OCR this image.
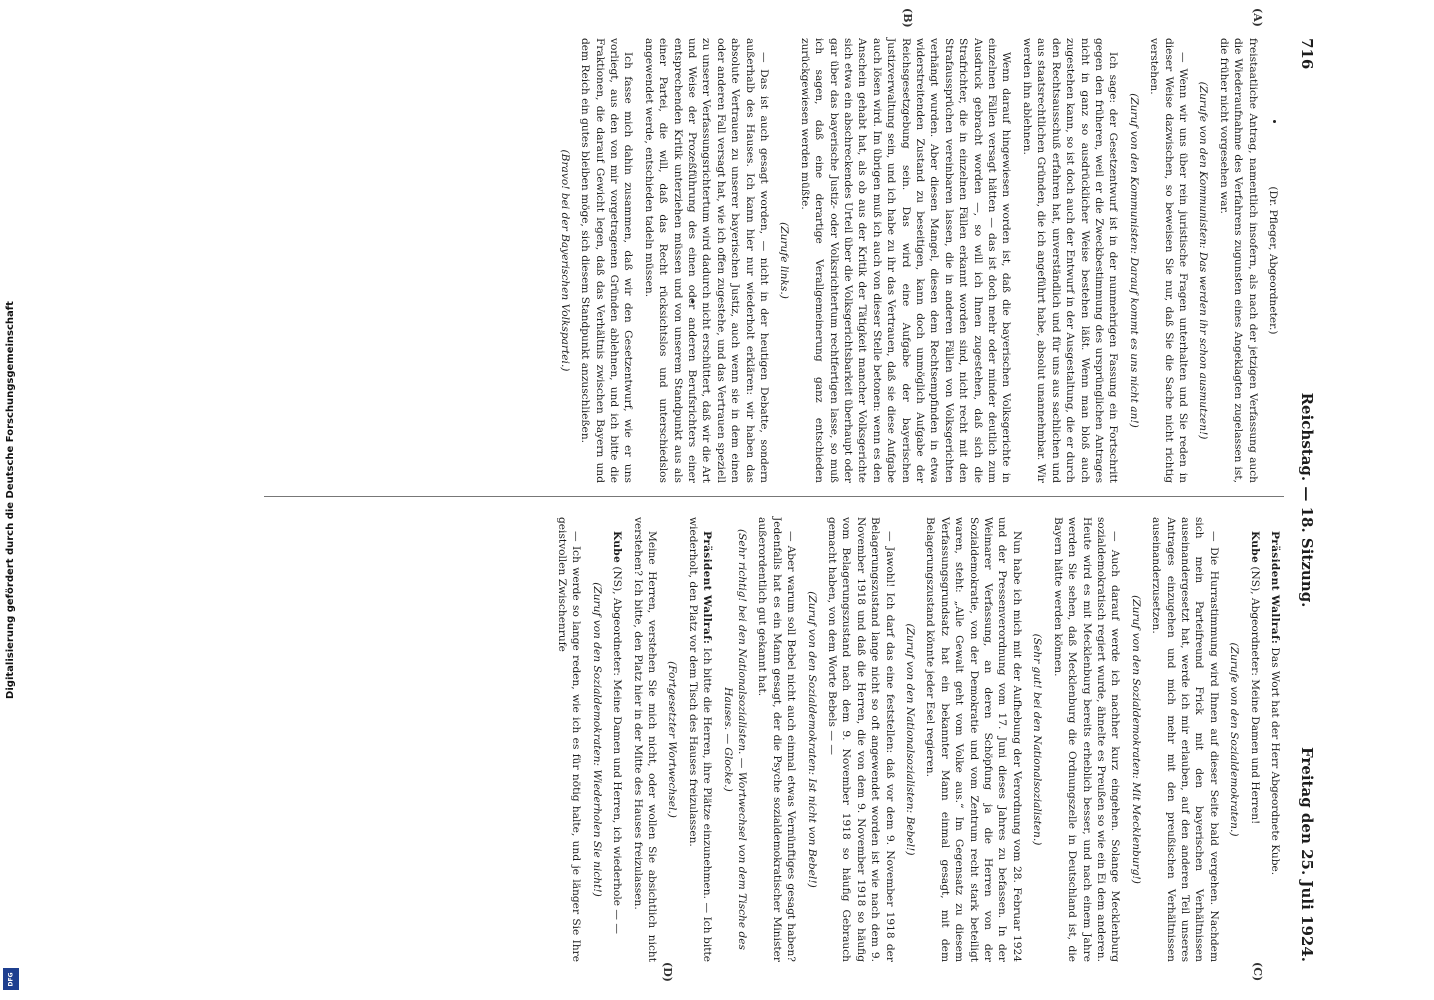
716
Reichstag. — 18. Sitzung.
Freitag den 25. Juli 1924.
(A)
(B)
(C)
(D)

(Dr. Pfleger, Abgeordneter.)

freistaatliche Antrag, namentlich insofern, als nach der jetzigen Verfassung auch die Wiederaufnahme des Verfahrens zugunsten eines Angeklagten zugelassen ist, die früher nicht vorgesehen war.

(Zurufe von den Kommunisten: Das werden ihr schon ausmutzen!)

— Wenn wir uns über rein juristische Fragen unterhalten und Sie reden in dieser Weise dazwischen, so beweisen Sie nur, daß Sie die Sache nicht richtig verstehen.

(Zuruf von den Kommunisten: Darauf kommt es uns nicht an!)

Ich sage: der Gesetzentwurf ist in der nunmehrigen Fassung ein Fortschritt gegen den früheren, weil er die Zweckbestimmung des ursprünglichen Antrages nicht in ganz so ausdrücklicher Weise bestehen läßt. Wenn man bloß auch zugestehen kann, so ist doch auch der Entwurf in der Ausgestaltung, die er durch den Rechtsausschuß erfahren hat, unverständlich und für uns aus sachlichen und aus staatsrechtlichen Gründen, die ich angeführt habe, absolut unannehmbar. Wir werden ihn ablehnen.

Wenn darauf hingewiesen worden ist, daß die bayerischen Volksgerichte in einzelnen Fällen versagt hätten — das ist doch mehr oder minder deutlich zum Ausdruck gebracht worden —, so will ich Ihnen zugestehen, daß sich die Strafrichter, die in einzelnen Fällen erkannt worden sind, nicht recht mit den Strafaussprüchen vereinbaren lassen, die in anderen Fällen von Volksgerichten verhängt wurden. Aber diesen Mangel, diesen dem Rechtsempfinden in etwa widerstreitenden Zustand zu beseitigen, kann doch unmöglich Aufgabe der Reichsgesetzgebung sein. Das wird eine Aufgabe der bayerischen Justizverwaltung sein, und ich habe zu ihr das Vertrauen, daß sie diese Aufgabe auch lösen wird. Im übrigen muß ich auch von dieser Stelle betonen: wenn es den Anschein gehabt hat, als ob aus der Kritik der Tätigkeit mancher Volksgerichte sich etwa ein abschreckendes Urteil über die Volksgerichtsbarkeit überhaupt oder gar über das bayerische Justiz- oder Volksrichtertum rechtfertigen lasse, so muß ich sagen, daß eine derartige Verallgemeinerung ganz entschieden zurückgewiesen werden müßte.

(Zurufe links.)

— Das ist auch gesagt worden, — nicht in der heutigen Debatte, sondern außerhalb des Hauses. Ich kann hier nur wiederholt erklären: wir haben das absolute Vertrauen zu unserer bayerischen Justiz, auch wenn sie in dem einen oder anderen Fall versagt hat, wie ich offen zugestehe, und das Vertrauen speziell zu unserer Verfassungsrichtertum wird dadurch nicht erschüttert, daß wir die Art und Weise der Prozeßführung des einen oder anderen Berufsrichters einer entsprechenden Kritik unterziehen müssen und von unserem Standpunkt aus als einer Partei, die will, daß das Recht rücksichtslos und unterschiedslos angewendet werde, entschieden tadeln müssen.

Ich fasse mich dahin zusammen, daß wir den Gesetzentwurf, wie er uns vorliegt, aus den von mir vorgetragenen Gründen ablehnen, und ich bitte die Fraktionen, die darauf Gewicht legen, daß das Verhältnis zwischen Bayern und dem Reich ein gutes bleiben möge, sich diesem Standpunkt anzuschließen.

(Bravo! bei der Bayerischen Volkspartei.)

Präsident Wallraf: Das Wort hat der Herr Abgeordnete Kube.

Kube (NS), Abgeordneter: Meine Damen und Herren!

(Zurufe von den Sozialdemokraten.)

— Die Hurrastimmung wird Ihnen auf dieser Seite bald vergehen. Nachdem sich mein Parteifreund Frick mit den bayerischen Verhältnissen auseinandergesetzt hat, werde ich mir erlauben, auf den anderen Teil unseres Antrages einzugehen und mich mehr mit den preußischen Verhältnissen auseinanderzusetzen.

(Zuruf von den Sozialdemokraten: Mit Mecklenburg!)

— Auch darauf werde ich nachher kurz eingehen. Solange Mecklenburg sozialdemokratisch regiert wurde, ähnelte es Preußen so wie ein Ei dem anderen. Heute wird es mit Mecklenburg bereits erheblich besser, und nach einem Jahre werden Sie sehen, daß Mecklenburg die Ordnungszelle in Deutschland ist, die Bayern hätte werden können.

(Sehr gut! bei den Nationalsozialisten.)

Nun habe ich mich mit der Aufhebung der Verordnung vom 28. Februar 1924 und der Pressenverordnung vom 17. Juni dieses Jahres zu befassen. In der Weimarer Verfassung, an deren Schöpfung ja die Herren von der Sozialdemokratie, von der Demokratie und vom Zentrum recht stark beteiligt waren, steht: „Alle Gewalt geht vom Volke aus.“ Im Gegensatz zu diesem Verfassungsgrundsatz hat ein bekannter Mann einmal gesagt, mit dem Belagerungszustand könnte jeder Esel regieren.

(Zuruf von den Nationalsozialisten: Bebel!)

— Jawohl! Ich darf das eine feststellen: daß vor dem 9. November 1918 der Belagerungszustand lange nicht so oft angewendet worden ist wie nach dem 9. November 1918 und daß die Herren, die von dem 9. November 1918 so häufig vom Belagerungszustand nach dem 9. November 1918 so häufig Gebrauch gemacht haben, von dem Worte Bebels — —

(Zuruf von den Sozialdemokraten: Ist nicht von Bebel!)

— Aber warum soll Bebel nicht auch einmal etwas Vernünftiges gesagt haben? Jedenfalls hat es ein Mann gesagt, der die Psyche sozialdemokratischer Minister außerordentlich gut gekannt hat.

(Sehr richtig! bei den Nationalsozialisten. — Wortwechsel von dem Tische des Hauses. — Glocke.)

Präsident Wallraf: Ich bitte die Herren, ihre Plätze einzunehmen. — Ich bitte wiederholt, den Platz vor dem Tisch des Hauses freizulassen.

(Fortgesetzter Wortwechsel.)

Meine Herren, verstehen Sie mich nicht, oder wollen Sie absichtlich nicht verstehen? Ich bitte, den Platz hier in der Mitte des Hauses freizulassen.

Kube (NS), Abgeordneter: Meine Damen und Herren, ich wiederhole — —

(Zuruf von den Sozialdemokraten: Wiederholen Sie nicht!)

— Ich werde so lange reden, wie ich es für nötig halte, und je länger Sie Ihre geistvollen Zwischenrufe

Digitalisierung gefördert durch die Deutsche Forschungsgemeinschaft
DFG
